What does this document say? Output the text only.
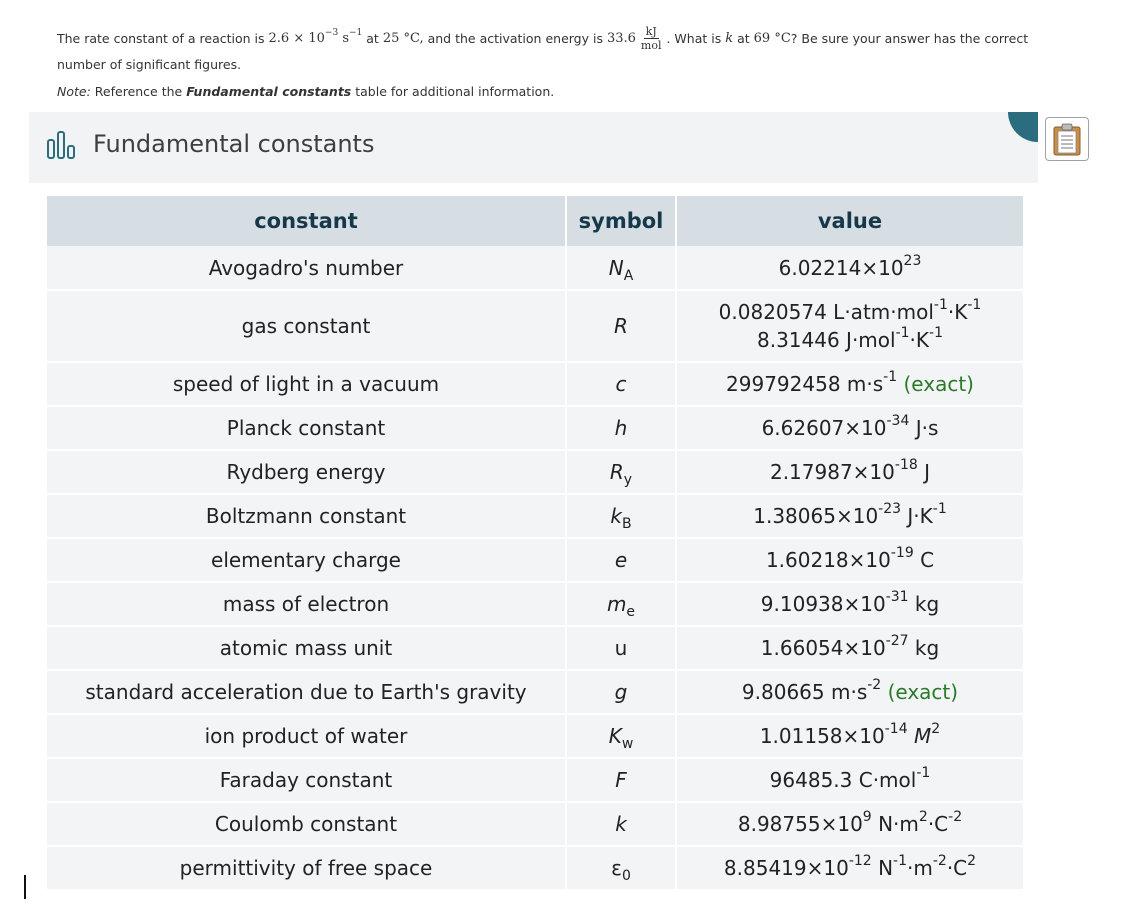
The rate constant of a reaction is
$2.6 \times 10^{-3}$ $s^{-1}$
at
25 °C,
and the activation energy is
$33.6 \frac{kJ}{\text{mol}}$ . What is
k
at
69 °C ? Be sure your answer has the correct
number of significant figures.
Note: Reference the Fundamental constants table for additional information.
Fundamental constants
constant	symbol	value
Avogadro's number	$N_A$	$6.02214\times 10^{23}$
gas constant	R	0.0820574 $L\cdot atm\cdot mol^{-1}\cdot K^{-1}$
8.31446 $J\cdot mol^{-1}\cdot K^{-1}$

speed of light in a vacuum	c	299792458 $m\cdot s^{-1}$ (exact)
Planck constant	h	$6.62607\times 10^{-34}$ J·s
Rydberg energy	$R_y$	$2.17987\times 10^{-18}$ J
Boltzmann constant	$k_B$	$1.38065\times 10^{-23}$ $J\cdot K^{-1}$
elementary charge	e	$1.60218\times 10^{-19}$ C
mass of electron	$m_e$	$9.10938\times 10^{-31}$ kg
atomic mass unit	u	$1.66054\times 10^{-27}$ kg
standard acceleration due to Earth's gravity	g	9.80665 $m\cdot s^{-2}$ (exact)
ion product of water	$K_w$	$1.01158\times 10^{-14}$ $M^2$
Faraday constant	F	96485.3 C·mol$^{-1}$
Coulomb constant	k	$8.98755\times 10^9$ $N\cdot m^2\cdot C^{-2}$
permittivity of free space	$\varepsilon_0$	$8.85419\times 10^{-12}$ $N^{-1}\cdot m^{-2}\cdot C^2$
